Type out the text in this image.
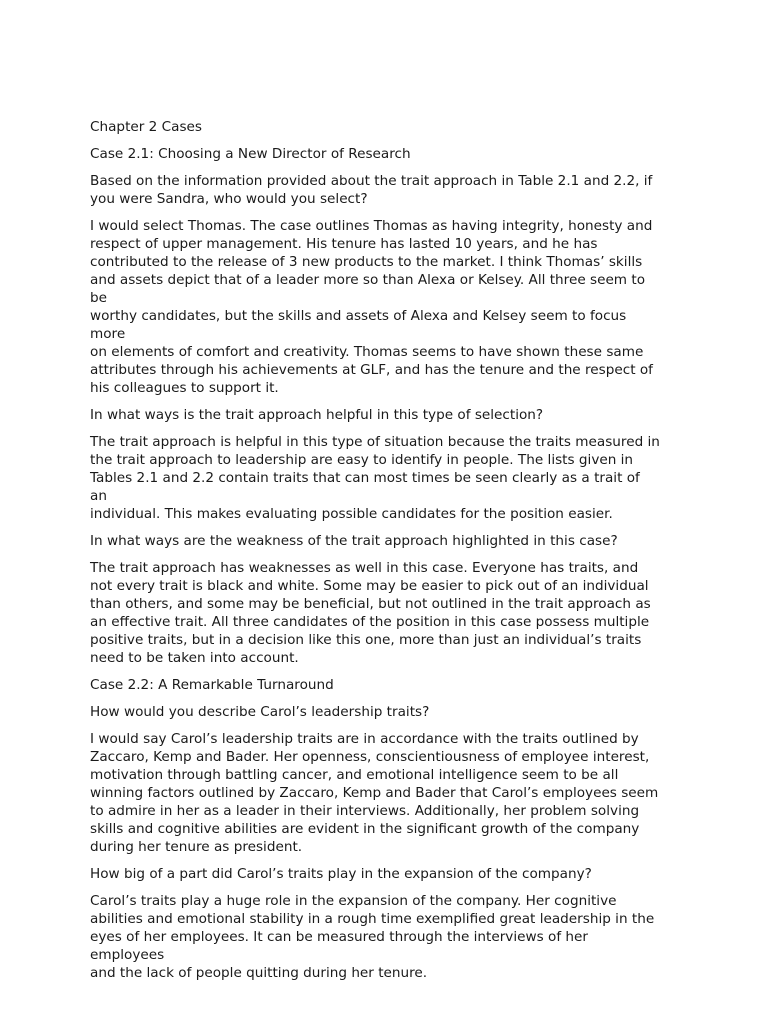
Chapter 2 Cases

Case 2.1: Choosing a New Director of Research

Based on the information provided about the trait approach in Table 2.1 and 2.2, if
you were Sandra, who would you select?

I would select Thomas. The case outlines Thomas as having integrity, honesty and
respect of upper management. His tenure has lasted 10 years, and he has
contributed to the release of 3 new products to the market. I think Thomas’ skills
and assets depict that of a leader more so than Alexa or Kelsey. All three seem to be
worthy candidates, but the skills and assets of Alexa and Kelsey seem to focus more
on elements of comfort and creativity. Thomas seems to have shown these same
attributes through his achievements at GLF, and has the tenure and the respect of
his colleagues to support it.

In what ways is the trait approach helpful in this type of selection?

The trait approach is helpful in this type of situation because the traits measured in
the trait approach to leadership are easy to identify in people. The lists given in
Tables 2.1 and 2.2 contain traits that can most times be seen clearly as a trait of an
individual. This makes evaluating possible candidates for the position easier.

In what ways are the weakness of the trait approach highlighted in this case?

The trait approach has weaknesses as well in this case. Everyone has traits, and
not every trait is black and white. Some may be easier to pick out of an individual
than others, and some may be beneficial, but not outlined in the trait approach as
an effective trait. All three candidates of the position in this case possess multiple
positive traits, but in a decision like this one, more than just an individual’s traits
need to be taken into account.

Case 2.2: A Remarkable Turnaround

How would you describe Carol’s leadership traits?

I would say Carol’s leadership traits are in accordance with the traits outlined by
Zaccaro, Kemp and Bader. Her openness, conscientiousness of employee interest,
motivation through battling cancer, and emotional intelligence seem to be all
winning factors outlined by Zaccaro, Kemp and Bader that Carol’s employees seem
to admire in her as a leader in their interviews. Additionally, her problem solving
skills and cognitive abilities are evident in the significant growth of the company
during her tenure as president.

How big of a part did Carol’s traits play in the expansion of the company?

Carol’s traits play a huge role in the expansion of the company. Her cognitive
abilities and emotional stability in a rough time exemplified great leadership in the
eyes of her employees. It can be measured through the interviews of her employees
and the lack of people quitting during her tenure.
